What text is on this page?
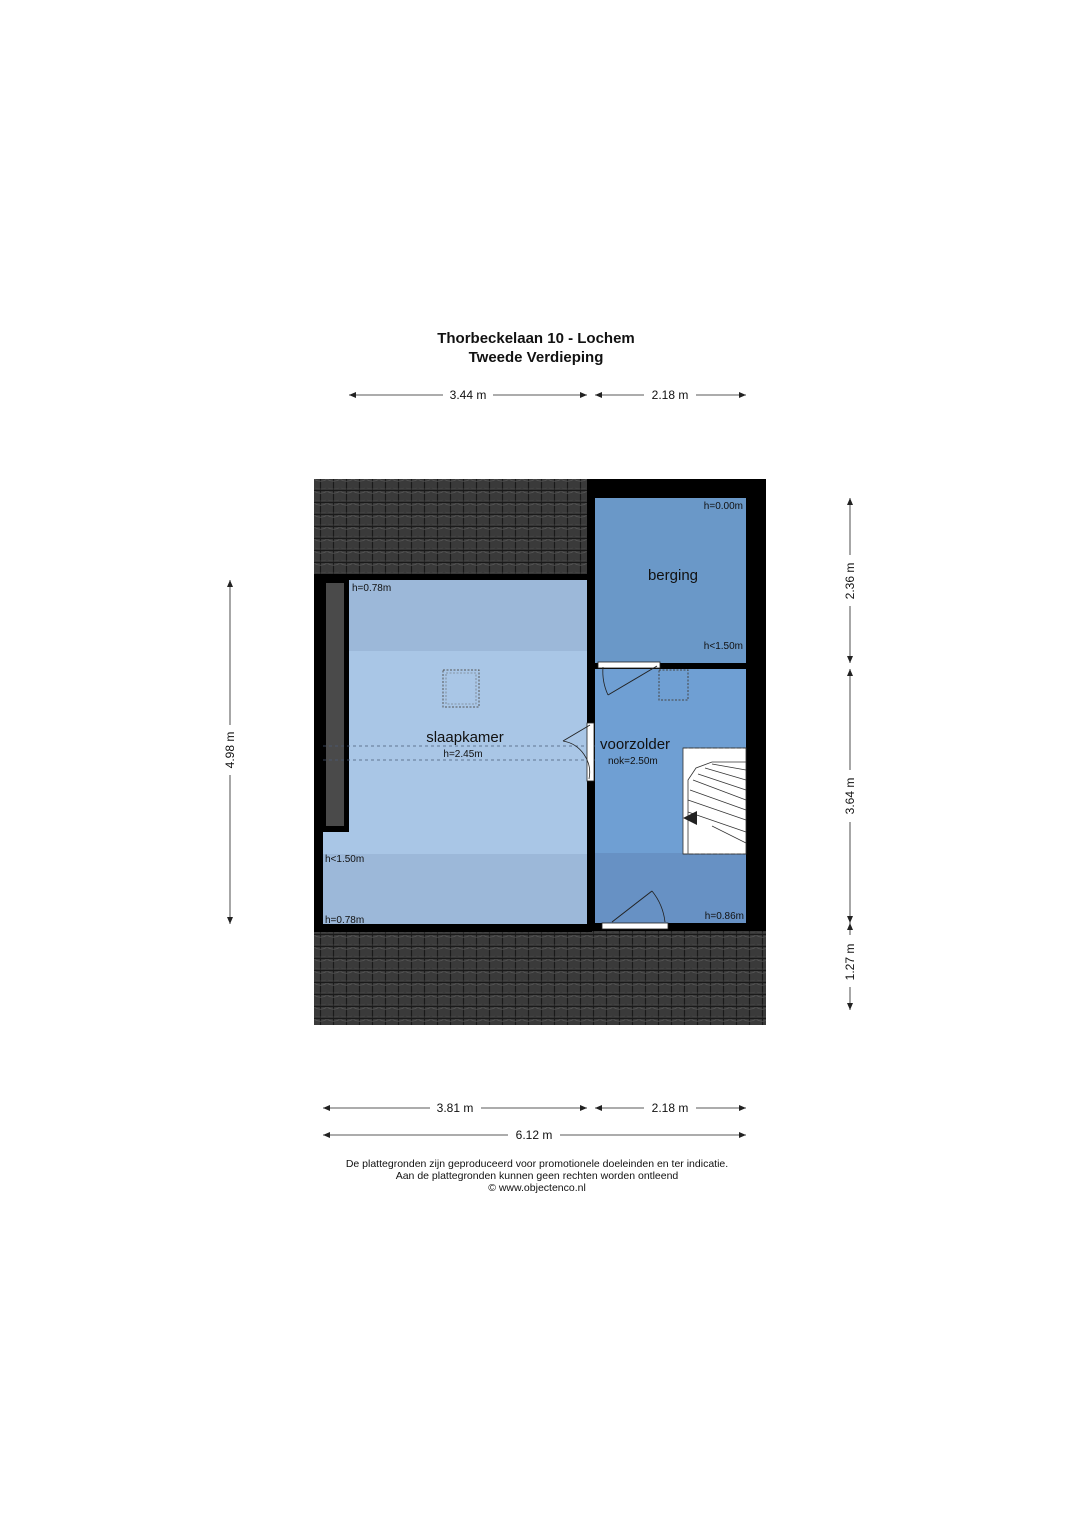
Thorbeckelaan 10 - Lochem
Tweede Verdieping
slaapkamer
h=2.45m
h=0.78m
h<1.50m
h=0.78m
berging
h=0.00m
h<1.50m
voorzolder
nok=2.50m
h=0.86m
3.44 m	2.18 m
4.98 m
2.36 m
3.64 m
1.27 m
3.81 m	2.18 m
6.12 m
De plattegronden zijn geproduceerd voor promotionele doeleinden en ter indicatie.
Aan de plattegronden kunnen geen rechten worden ontleend
© www.objectenco.nl
